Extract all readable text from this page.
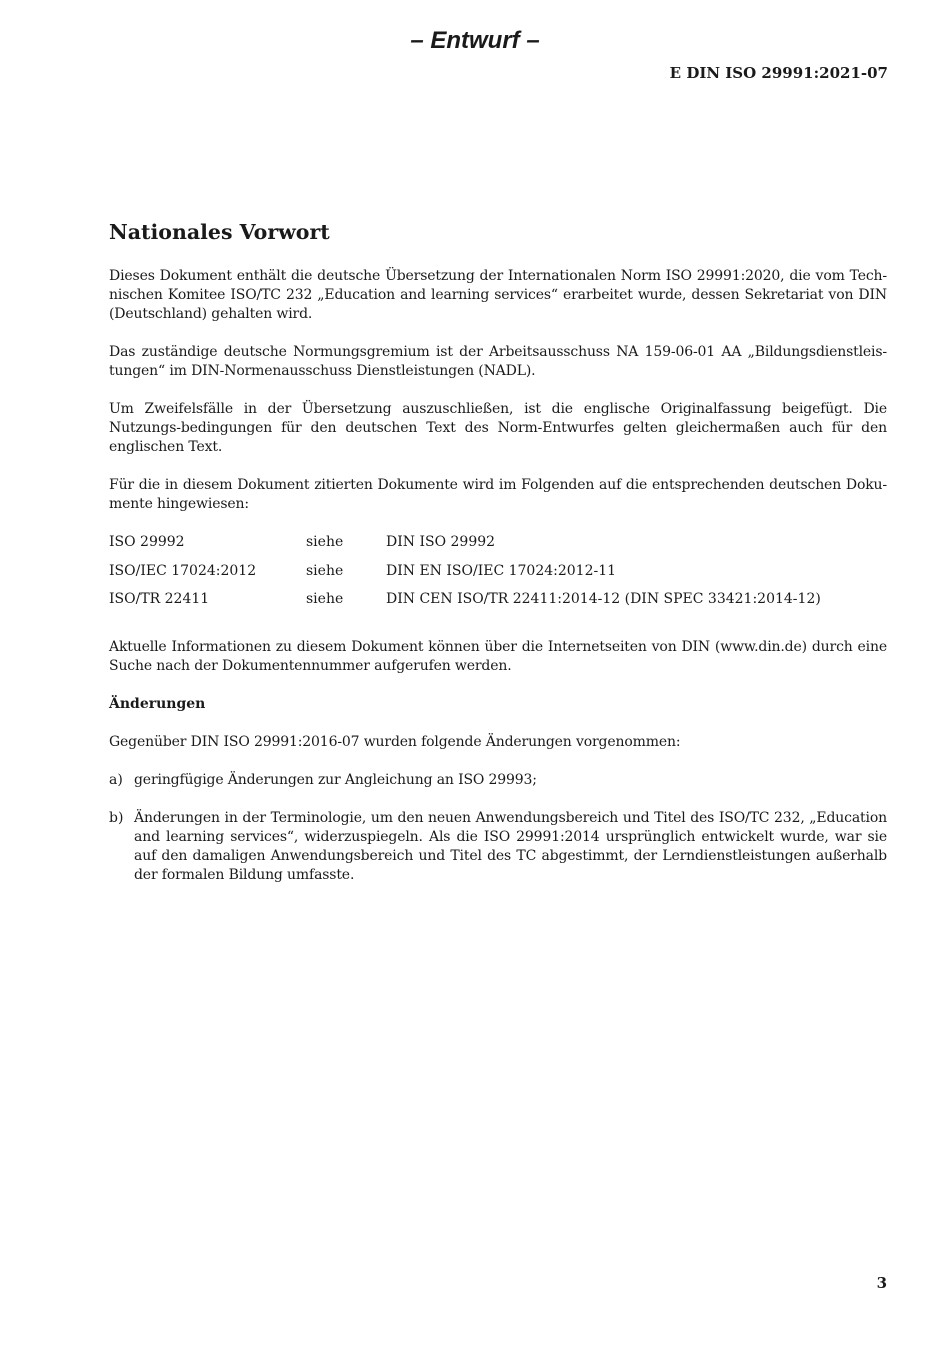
– Entwurf –
E DIN ISO 29991:2021-07
Nationales Vorwort

Dieses Dokument enthält die deutsche Übersetzung der Internationalen Norm ISO 29991:2020, die vom Tech-nischen Komitee ISO/TC 232 „Education and learning services“ erarbeitet wurde, dessen Sekretariat von DIN (Deutschland) gehalten wird.

Das zuständige deutsche Normungsgremium ist der Arbeitsausschuss NA 159-06-01 AA „Bildungsdienstleis-tungen“ im DIN-Normenausschuss Dienstleistungen (NADL).

Um Zweifelsfälle in der Übersetzung auszuschließen, ist die englische Originalfassung beigefügt. Die Nutzungs-bedingungen für den deutschen Text des Norm-Entwurfes gelten gleichermaßen auch für den englischen Text.

Für die in diesem Dokument zitierten Dokumente wird im Folgenden auf die entsprechenden deutschen Doku-mente hingewiesen:

ISO 29992	siehe	DIN ISO 29992
ISO/IEC 17024:2012	siehe	DIN EN ISO/IEC 17024:2012-11
ISO/TR 22411	siehe	DIN CEN ISO/TR 22411:2014-12 (DIN SPEC 33421:2014-12)

Aktuelle Informationen zu diesem Dokument können über die Internetseiten von DIN (www.din.de) durch eine Suche nach der Dokumentennummer aufgerufen werden.

Änderungen

Gegenüber DIN ISO 29991:2016-07 wurden folgende Änderungen vorgenommen:

a) geringfügige Änderungen zur Angleichung an ISO 29993;
b) Änderungen in der Terminologie, um den neuen Anwendungsbereich und Titel des ISO/TC 232, „Education and learning services“, widerzuspiegeln. Als die ISO 29991:2014 ursprünglich entwickelt wurde, war sie auf den damaligen Anwendungsbereich und Titel des TC abgestimmt, der Lerndienstleistungen außerhalb der formalen Bildung umfasste.
3
